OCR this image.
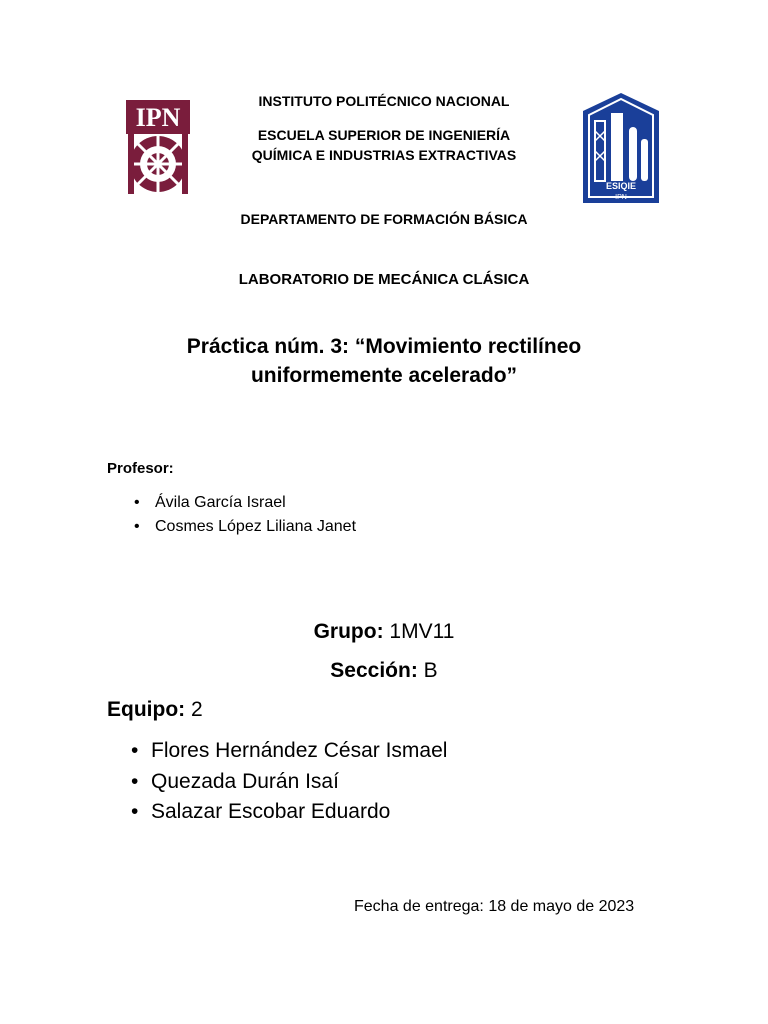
IPN
ESIQIE
IPN
INSTITUTO POLITÉCNICO NACIONAL
ESCUELA SUPERIOR DE INGENIERÍA
QUÍMICA E INDUSTRIAS EXTRACTIVAS
DEPARTAMENTO DE FORMACIÓN BÁSICA
LABORATORIO DE MECÁNICA CLÁSICA
Práctica núm. 3: “Movimiento rectilíneo
uniformemente acelerado”
Profesor:
• Ávila García Israel
• Cosmes López Liliana Janet
Grupo: 1MV11
Sección: B
Equipo: 2
• Flores Hernández César Ismael
• Quezada Durán Isaí
• Salazar Escobar Eduardo
Fecha de entrega: 18 de mayo de 2023
